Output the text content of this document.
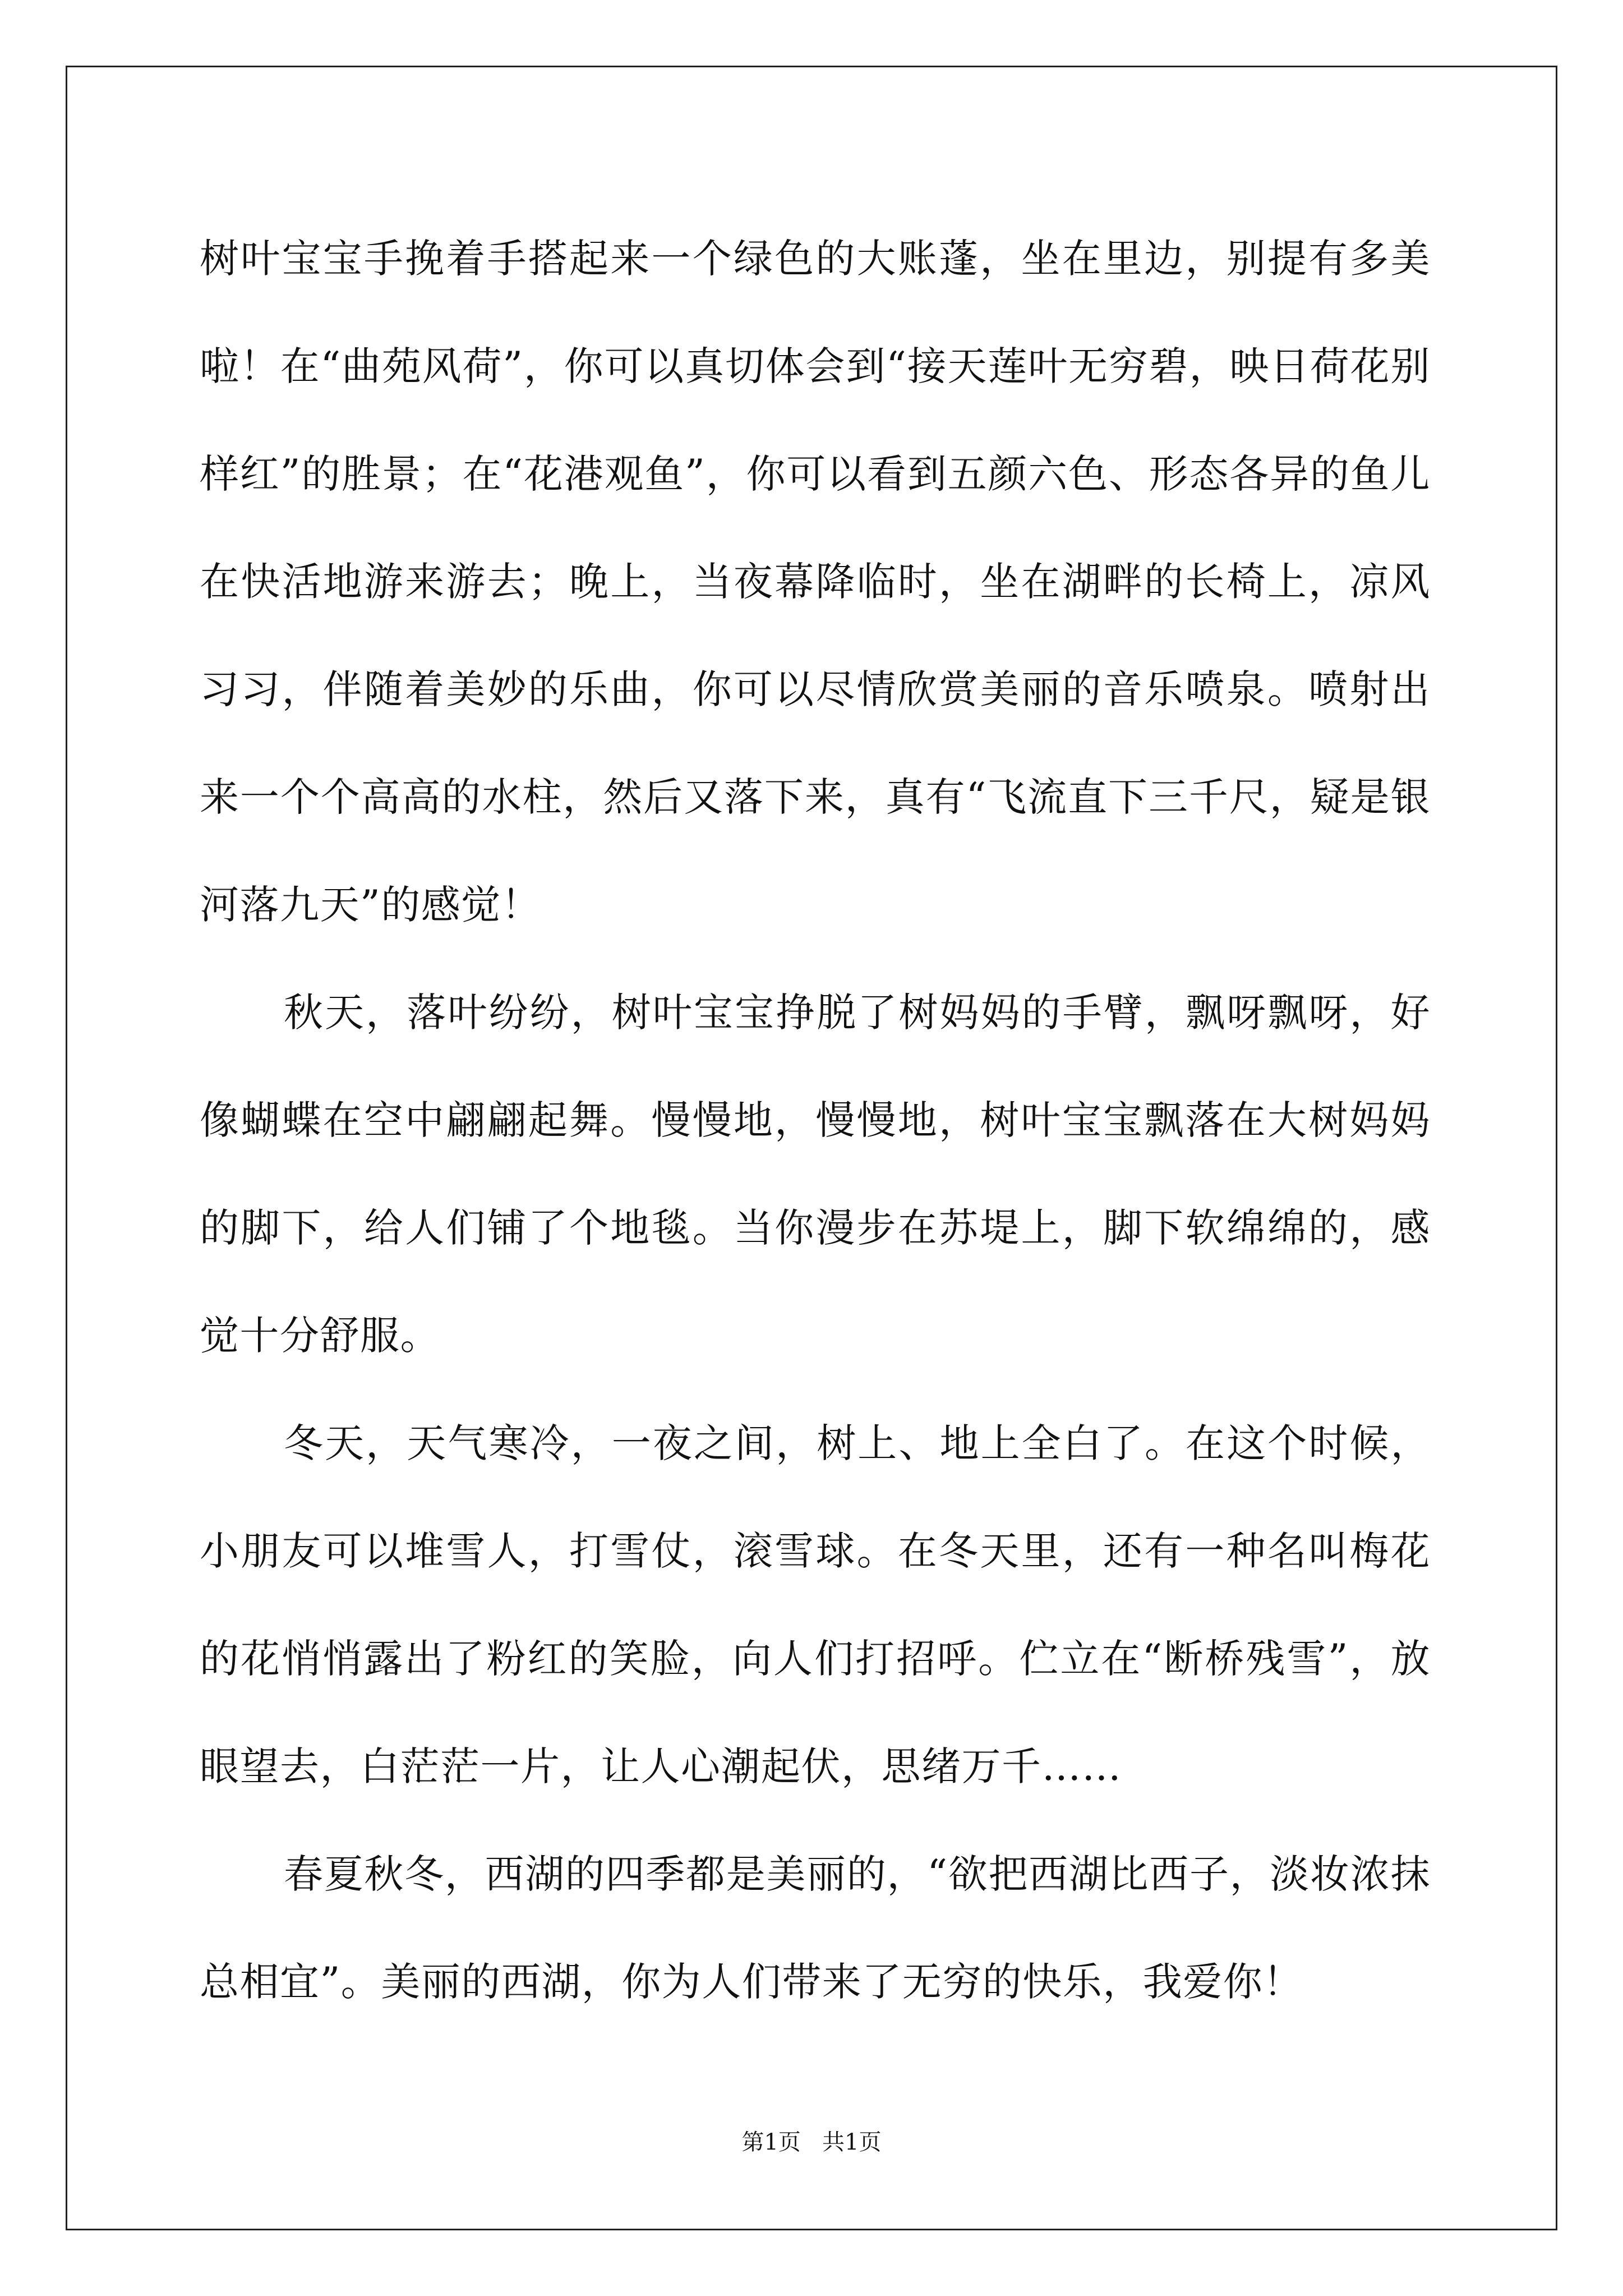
树叶宝宝手挽着手搭起来一个绿色的大账蓬，坐在里边，别提有多美啦！在“曲苑风荷”，你可以真切体会到“接天莲叶无穷碧，映日荷花别样红”的胜景；在“花港观鱼”，你可以看到五颜六色、形态各异的鱼儿在快活地游来游去；晚上，当夜幕降临时，坐在湖畔的长椅上，凉风习习，伴随着美妙的乐曲，你可以尽情欣赏美丽的音乐喷泉。喷射出来一个个高高的水柱，然后又落下来，真有“飞流直下三千尺，疑是银河落九天”的感觉！

秋天，落叶纷纷，树叶宝宝挣脱了树妈妈的手臂，飘呀飘呀，好像蝴蝶在空中翩翩起舞。慢慢地，慢慢地，树叶宝宝飘落在大树妈妈的脚下，给人们铺了个地毯。当你漫步在苏堤上，脚下软绵绵的，感觉十分舒服。

冬天，天气寒冷，一夜之间，树上、地上全白了。在这个时候，小朋友可以堆雪人，打雪仗，滚雪球。在冬天里，还有一种名叫梅花的花悄悄露出了粉红的笑脸，向人们打招呼。伫立在“断桥残雪”，放眼望去，白茫茫一片，让人心潮起伏，思绪万千……

春夏秋冬，西湖的四季都是美丽的，“欲把西湖比西子，淡妆浓抹总相宜”。美丽的西湖，你为人们带来了无穷的快乐，我爱你！

第1页   共1页
